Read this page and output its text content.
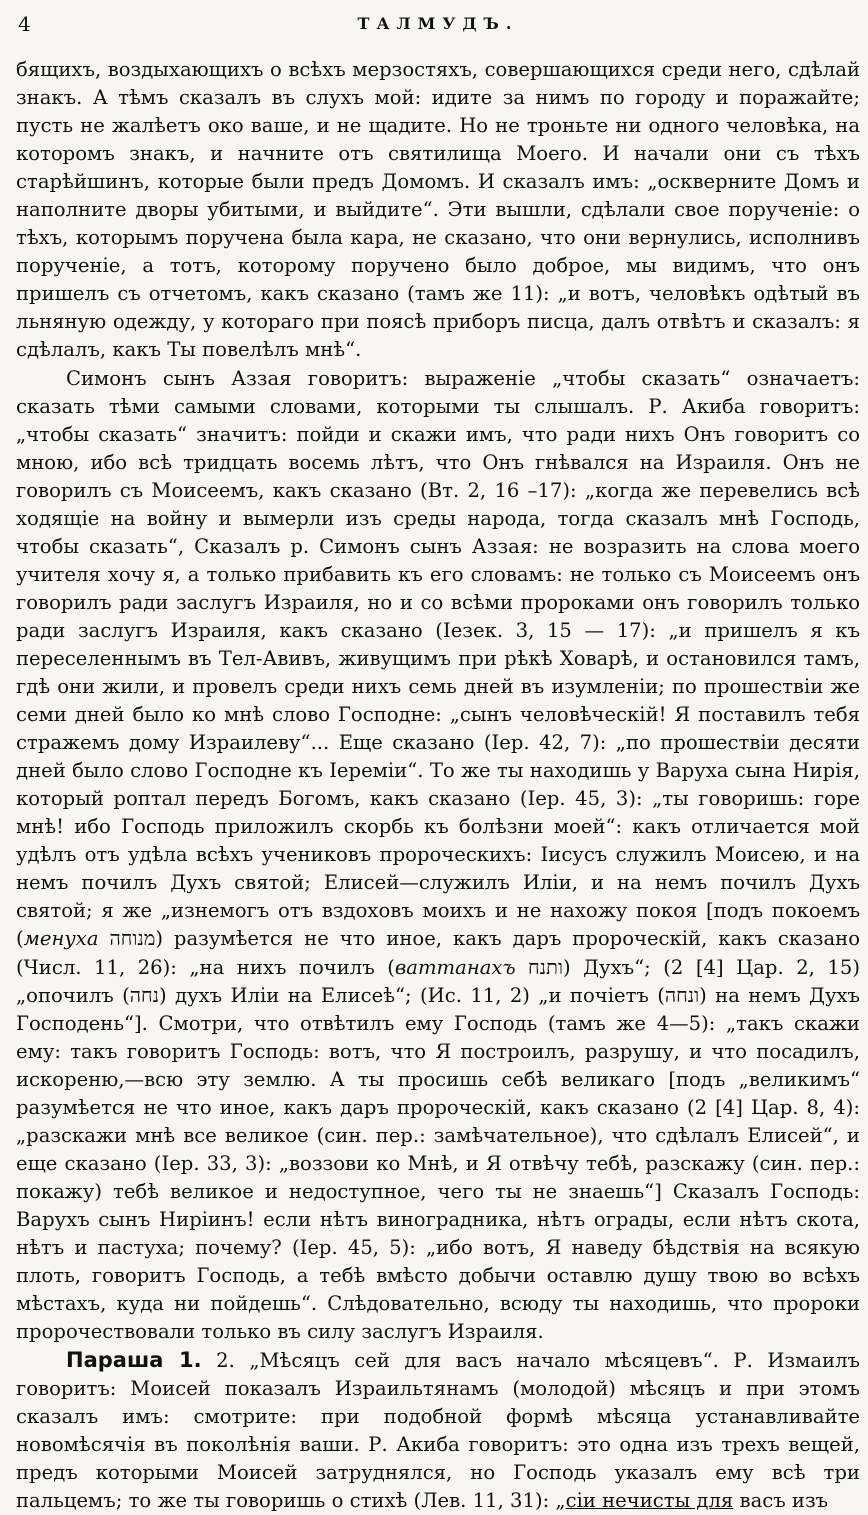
4	ТАЛМУДЪ.

бящихъ, воздыхающихъ о всѣхъ мерзостяхъ, совершающихся среди него, сдѣлай знакъ. А тѣмъ сказалъ въ слухъ мой: идите за нимъ по городу и поражайте; пусть не жалѣетъ око ваше, и не щадите. Но не троньте ни одного человѣка, на которомъ знакъ, и начните отъ святилища Моего. И начали они съ тѣхъ старѣйшинъ, которые были предъ Домомъ. И сказалъ имъ: „оскверните Домъ и наполните дворы убитыми, и выйдите“. Эти вышли, сдѣлали свое порученіе: о тѣхъ, которымъ поручена была кара, не сказано, что они вернулись, исполнивъ порученіе, а тотъ, которому поручено было доброе, мы видимъ, что онъ пришелъ съ отчетомъ, какъ сказано (тамъ же 11): „и вотъ, человѣкъ одѣтый въ льняную одежду, у котораго при поясѣ приборъ писца, далъ отвѣтъ и сказалъ: я сдѣлалъ, какъ Ты повелѣлъ мнѣ“.

Симонъ сынъ Аззая говоритъ: выраженіе „чтобы сказать“ означаетъ: сказать тѣми самыми словами, которыми ты слышалъ. Р. Акиба говоритъ: „чтобы сказать“ значитъ: пойди и скажи имъ, что ради нихъ Онъ говоритъ со мною, ибо всѣ тридцать восемь лѣтъ, что Онъ гнѣвался на Израиля. Онъ не говорилъ съ Моисеемъ, какъ сказано (Вт. 2, 16 –17): „когда же перевелись всѣ ходящіе на войну и вымерли изъ среды народа, тогда сказалъ мнѣ Господь, чтобы сказать“, Сказалъ р. Симонъ сынъ Аззая: не возразить на слова моего учителя хочу я, а только прибавить къ его словамъ: не только съ Моисеемъ онъ говорилъ ради заслугъ Израиля, но и со всѣми пророками онъ говорилъ только ради заслугъ Израиля, какъ сказано (Іезек. 3, 15 — 17): „и пришелъ я къ переселеннымъ въ Тел-Авивъ, живущимъ при рѣкѣ Ховарѣ, и остановился тамъ, гдѣ они жили, и провелъ среди нихъ семь дней въ изумленіи; по прошествіи же семи дней было ко мнѣ слово Господне: „сынъ человѣческій! Я поставилъ тебя стражемъ дому Израилеву“... Еще сказано (Іер. 42, 7): „по прошествіи десяти дней было слово Господне къ Іереміи“. То же ты находишь у Варуха сына Нирія, который роптал передъ Богомъ, какъ сказано (Іер. 45, 3): „ты говоришь: горе мнѣ! ибо Господь приложилъ скорбь къ болѣзни моей“: какъ отличается мой удѣлъ отъ удѣла всѣхъ учениковъ пророческихъ: Іисусъ служилъ Моисею, и на немъ почилъ Духъ святой; Елисей—служилъ Иліи, и на немъ почилъ Духъ святой; я же „изнемогъ отъ вздоховъ моихъ и не нахожу покоя [подъ покоемъ (менуха מנוחה) разумѣется не что иное, какъ даръ пророческій, какъ сказано (Числ. 11, 26): „на нихъ почилъ (ваттанахъ ותנח) Духъ“; (2 [4] Цар. 2, 15) „опочилъ (נחה) духъ Иліи на Елисеѣ“; (Ис. 11, 2) „и почіетъ (ונחה) на немъ Духъ Господень“]. Смотри, что отвѣтилъ ему Господь (тамъ же 4—5): „такъ скажи ему: такъ говоритъ Господь: вотъ, что Я построилъ, разрушу, и что посадилъ, искореню,—всю эту землю. А ты просишь себѣ великаго [подъ „великимъ“ разумѣется не что иное, какъ даръ пророческій, какъ сказано (2 [4] Цар. 8, 4): „разскажи мнѣ все великое (син. пер.: замѣчательное), что сдѣлалъ Елисей“, и еще сказано (Іер. 33, 3): „воззови ко Мнѣ, и Я отвѣчу тебѣ, разскажу (син. пер.: покажу) тебѣ великое и недоступное, чего ты не знаешь“] Сказалъ Господь: Варухъ сынъ Ниріинъ! если нѣтъ виноградника, нѣтъ ограды, если нѣтъ скота, нѣтъ и пастуха; почему? (Іер. 45, 5): „ибо вотъ, Я наведу бѣдствія на всякую плоть, говоритъ Господь, а тебѣ вмѣсто добычи оставлю душу твою во всѣхъ мѣстахъ, куда ни пойдешь“. Слѣдовательно, всюду ты находишь, что пророки пророчествовали только въ силу заслугъ Израиля.

Параша 1. 2. „Мѣсяцъ сей для васъ начало мѣсяцевъ“. Р. Измаилъ говоритъ: Моисей показалъ Израильтянамъ (молодой) мѣсяцъ и при этомъ сказалъ имъ: смотрите: при подобной формѣ мѣсяца устанавливайте новомѣсячія въ поколѣнія ваши. Р. Акиба говоритъ: это одна изъ трехъ вещей, предъ которыми Моисей затруднялся, но Господь указалъ ему всѣ три пальцемъ; то же ты говоришь о стихѣ (Лев. 11, 31): „сіи нечисты для васъ изъ
